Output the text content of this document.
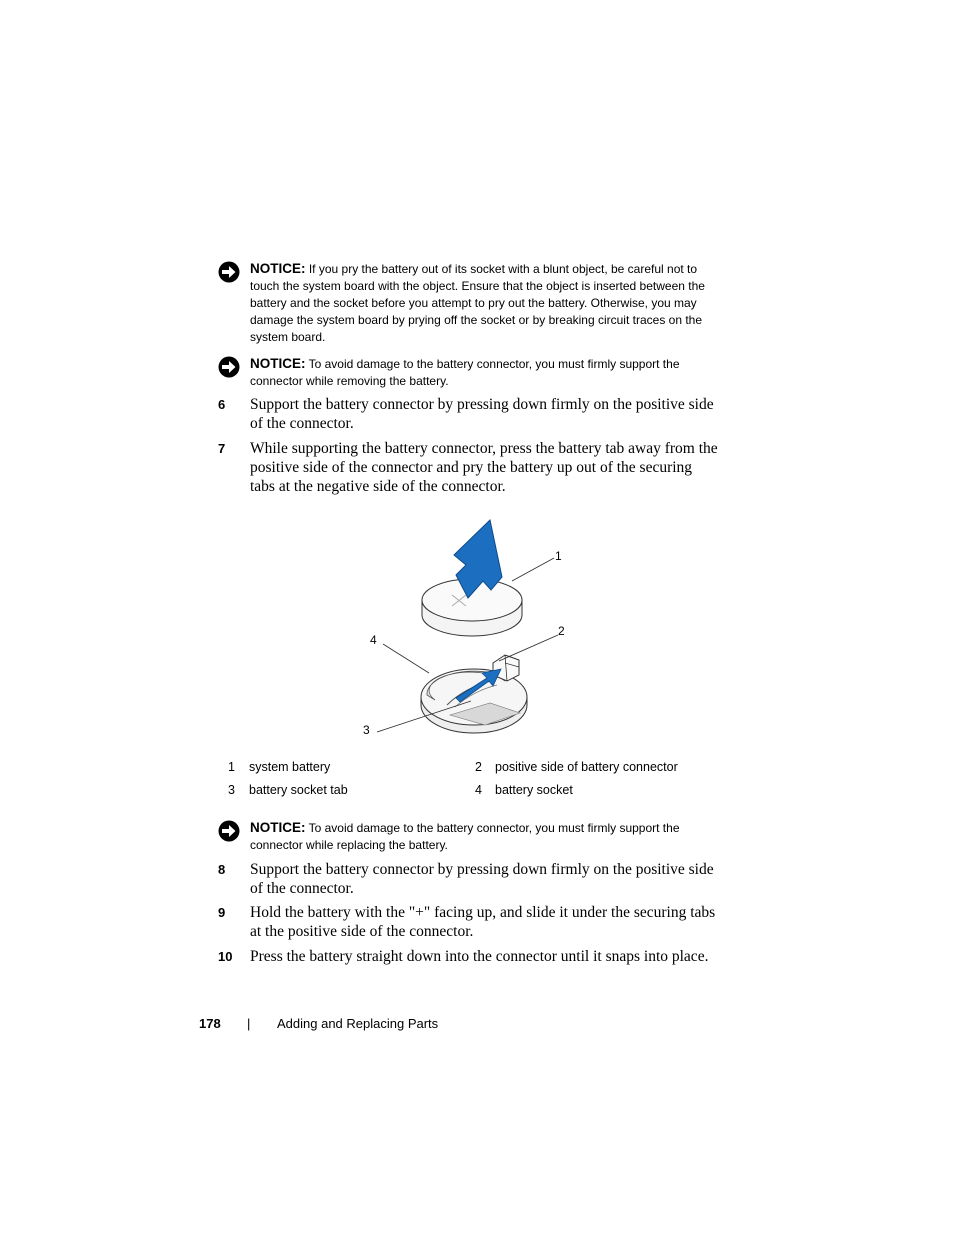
NOTICE: If you pry the battery out of its socket with a blunt object, be careful not to touch the system board with the object. Ensure that the object is inserted between the battery and the socket before you attempt to pry out the battery. Otherwise, you may damage the system board by prying off the socket or by breaking circuit traces on the system board.
NOTICE: To avoid damage to the battery connector, you must firmly support the connector while removing the battery.
6	Support the battery connector by pressing down firmly on the positive side of the connector.
7	While supporting the battery connector, press the battery tab away from the positive side of the connector and pry the battery up out of the securing tabs at the negative side of the connector.
1
2
3
4
1	system battery	2	positive side of battery connector
3	battery socket tab	4	battery socket
NOTICE: To avoid damage to the battery connector, you must firmly support the connector while replacing the battery.
8	Support the battery connector by pressing down firmly on the positive side of the connector.
9	Hold the battery with the "+" facing up, and slide it under the securing tabs at the positive side of the connector.
10	Press the battery straight down into the connector until it snaps into place.
178 | Adding and Replacing Parts
